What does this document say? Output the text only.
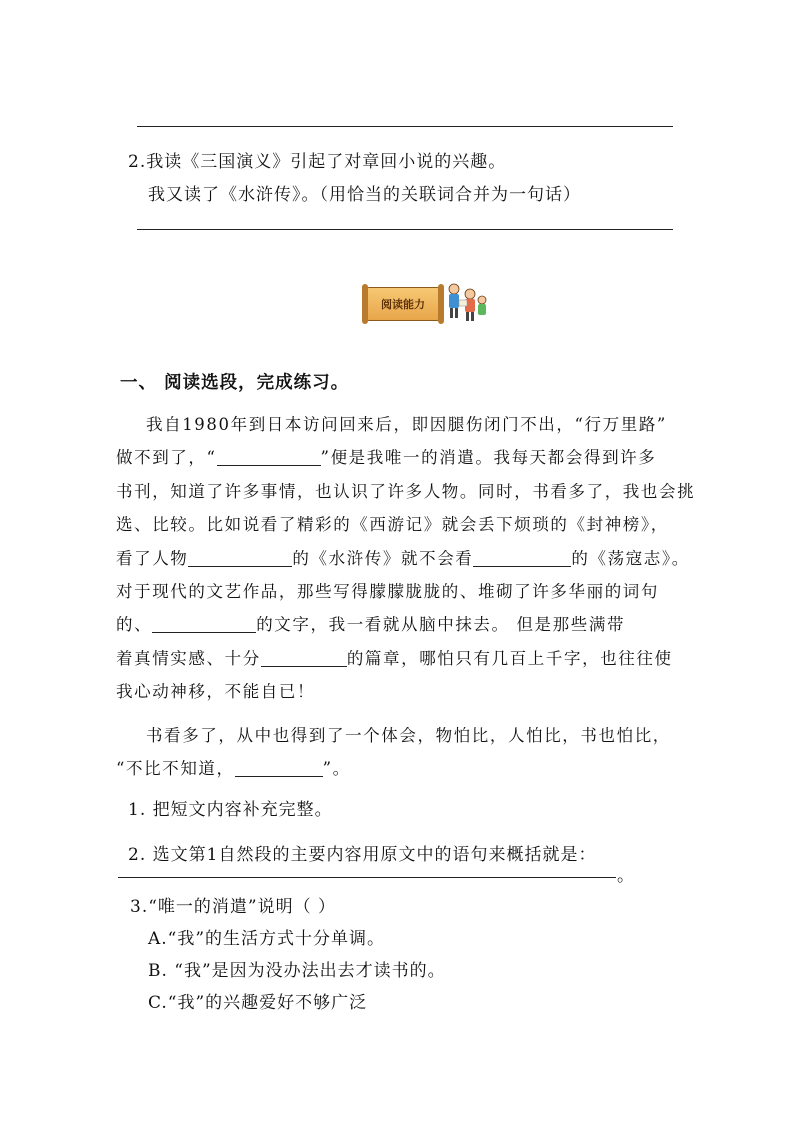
2.我读《三国演义》引起了对章回小说的兴趣。
我又读了《水浒传》。（用恰当的关联词合并为一句话）
阅读能力
一、 阅读选段，完成练习。
我自1980年到日本访问回来后，即因腿伤闭门不出，“行万里路”
做不到了，“	”便是我唯一的消遣。我每天都会得到许多
书刊，知道了许多事情，也认识了许多人物。同时，书看多了，我也会挑
选、比较。比如说看了精彩的《西游记》就会丢下烦琐的《封神榜》，
看了人物	的《水浒传》就不会看	的《荡寇志》。
对于现代的文艺作品，那些写得朦朦胧胧的、堆砌了许多华丽的词句
的、	的文字，我一看就从脑中抹去。 但是那些满带
着真情实感、十分	的篇章，哪怕只有几百上千字，也往往使
我心动神移，不能自已！
书看多了，从中也得到了一个体会，物怕比，人怕比，书也怕比，
“不比不知道，	”。
1. 把短文内容补充完整。
2. 选文第1自然段的主要内容用原文中的语句来概括就是：
。
3.“唯一的消遣”说明（ ）
A.“我”的生活方式十分单调。
B. “我”是因为没办法出去才读书的。
C.“我”的兴趣爱好不够广泛
